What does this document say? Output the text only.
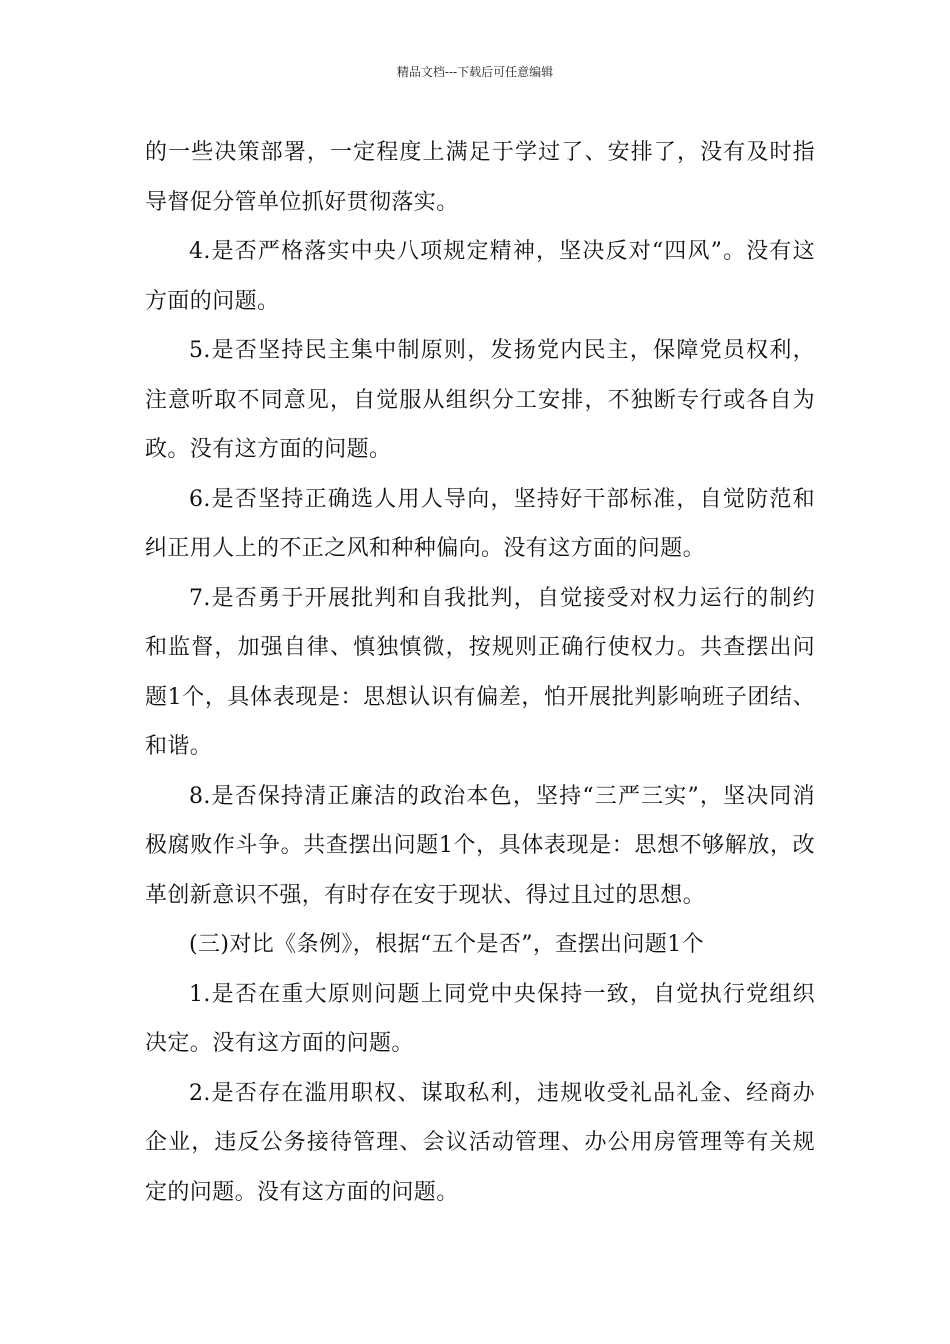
精品文档---下载后可任意编辑

的一些决策部署，一定程度上满足于学过了、安排了，没有及时指导督促分管单位抓好贯彻落实。

4.是否严格落实中央八项规定精神，坚决反对“四风”。没有这方面的问题。

5.是否坚持民主集中制原则，发扬党内民主，保障党员权利，注意听取不同意见，自觉服从组织分工安排，不独断专行或各自为政。没有这方面的问题。

6.是否坚持正确选人用人导向，坚持好干部标准，自觉防范和纠正用人上的不正之风和种种偏向。没有这方面的问题。

7.是否勇于开展批判和自我批判，自觉接受对权力运行的制约和监督，加强自律、慎独慎微，按规则正确行使权力。共查摆出问题1个，具体表现是：思想认识有偏差，怕开展批判影响班子团结、和谐。

8.是否保持清正廉洁的政治本色，坚持“三严三实”，坚决同消极腐败作斗争。共查摆出问题1个，具体表现是：思想不够解放，改革创新意识不强，有时存在安于现状、得过且过的思想。

(三)对比《条例》，根据“五个是否”，查摆出问题1个

1.是否在重大原则问题上同党中央保持一致，自觉执行党组织决定。没有这方面的问题。

2.是否存在滥用职权、谋取私利，违规收受礼品礼金、经商办企业，违反公务接待管理、会议活动管理、办公用房管理等有关规定的问题。没有这方面的问题。
